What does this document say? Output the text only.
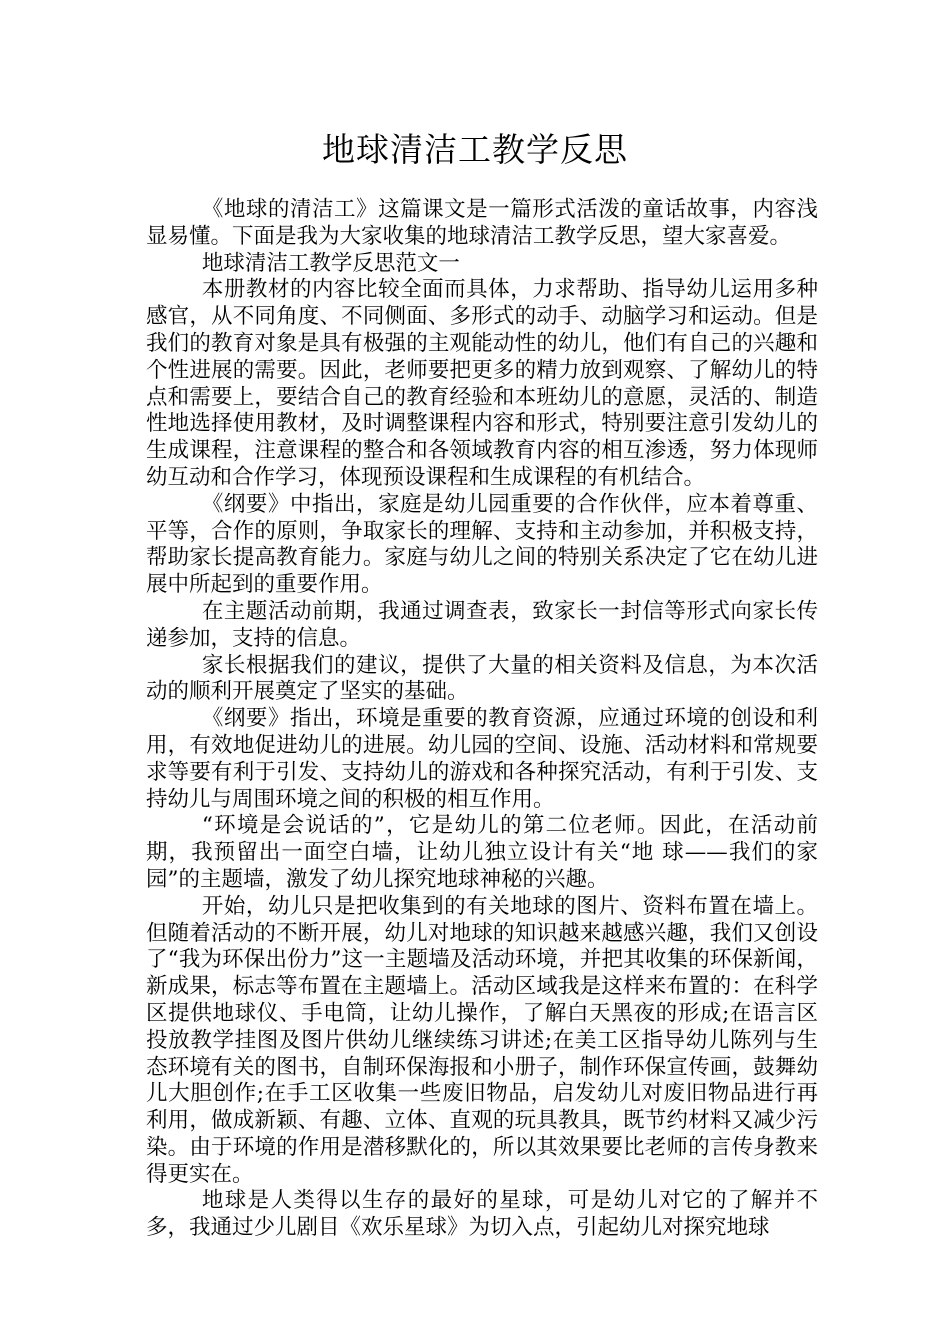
地球清洁工教学反思

《地球的清洁工》这篇课文是一篇形式活泼的童话故事，内容浅显易懂。下面是我为大家收集的地球清洁工教学反思，望大家喜爱。

地球清洁工教学反思范文一

本册教材的内容比较全面而具体，力求帮助、指导幼儿运用多种感官，从不同角度、不同侧面、多形式的动手、动脑学习和运动。但是我们的教育对象是具有极强的主观能动性的幼儿，他们有自己的兴趣和个性进展的需要。因此，老师要把更多的精力放到观察、了解幼儿的特点和需要上，要结合自己的教育经验和本班幼儿的意愿，灵活的、制造性地选择使用教材，及时调整课程内容和形式，特别要注意引发幼儿的生成课程，注意课程的整合和各领域教育内容的相互渗透，努力体现师幼互动和合作学习，体现预设课程和生成课程的有机结合。

《纲要》中指出，家庭是幼儿园重要的合作伙伴，应本着尊重、平等，合作的原则，争取家长的理解、支持和主动参加，并积极支持，帮助家长提高教育能力。家庭与幼儿之间的特别关系决定了它在幼儿进展中所起到的重要作用。

在主题活动前期，我通过调查表，致家长一封信等形式向家长传递参加，支持的信息。

家长根据我们的建议，提供了大量的相关资料及信息，为本次活动的顺利开展奠定了坚实的基础。

《纲要》指出，环境是重要的教育资源，应通过环境的创设和利用，有效地促进幼儿的进展。幼儿园的空间、设施、活动材料和常规要求等要有利于引发、支持幼儿的游戏和各种探究活动，有利于引发、支持幼儿与周围环境之间的积极的相互作用。

“环境是会说话的”，它是幼儿的第二位老师。因此，在活动前期，我预留出一面空白墙，让幼儿独立设计有关“地 球——我们的家园”的主题墙，激发了幼儿探究地球神秘的兴趣。

开始，幼儿只是把收集到的有关地球的图片、资料布置在墙上。但随着活动的不断开展，幼儿对地球的知识越来越感兴趣，我们又创设了“我为环保出份力”这一主题墙及活动环境，并把其收集的环保新闻，新成果，标志等布置在主题墙上。活动区域我是这样来布置的：在科学区提供地球仪、手电筒，让幼儿操作，了解白天黑夜的形成;在语言区投放教学挂图及图片供幼儿继续练习讲述;在美工区指导幼儿陈列与生态环境有关的图书，自制环保海报和小册子，制作环保宣传画，鼓舞幼儿大胆创作;在手工区收集一些废旧物品，启发幼儿对废旧物品进行再利用，做成新颖、有趣、立体、直观的玩具教具，既节约材料又减少污染。由于环境的作用是潜移默化的，所以其效果要比老师的言传身教来得更实在。

地球是人类得以生存的最好的星球，可是幼儿对它的了解并不多，我通过少儿剧目《欢乐星球》为切入点，引起幼儿对探究地球
